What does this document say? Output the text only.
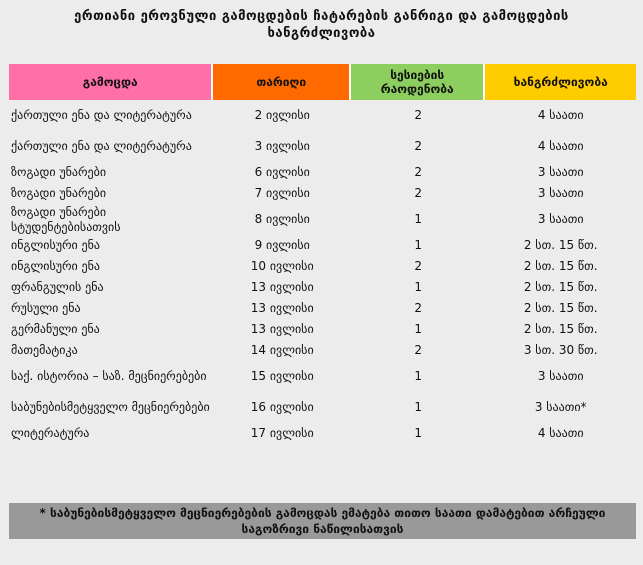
ერთიანი ეროვნული გამოცდების ჩატარების განრიგი და გამოცდების ხანგრძლივობა
გამოცდა	თარიღი	სესიების რაოდენობა	ხანგრძლივობა
ქართული ენა და ლიტერატურა	2 ივლისი	2	4 საათი
ქართული ენა და ლიტერატურა	3 ივლისი	2	4 საათი
ზოგადი უნარები	6 ივლისი	2	3 საათი
ზოგადი უნარები	7 ივლისი	2	3 საათი
ზოგადი უნარები სტუდენტებისათვის	8 ივლისი	1	3 საათი
ინგლისური ენა	9 ივლისი	1	2 სთ. 15 წთ.
ინგლისური ენა	10 ივლისი	2	2 სთ. 15 წთ.
ფრანგულის ენა	13 ივლისი	1	2 სთ. 15 წთ.
რუსული ენა	13 ივლისი	2	2 სთ. 15 წთ.
გერმანული ენა	13 ივლისი	1	2 სთ. 15 წთ.
მათემატიკა	14 ივლისი	2	3 სთ. 30 წთ.
საქ. ისტორია – საზ. მეცნიერებები	15 ივლისი	1	3 საათი
საბუნებისმეტყველო მეცნიერებები	16 ივლისი	1	3 საათი*
ლიტერატურა	17 ივლისი	1	4 საათი
* საბუნებისმეტყველო მეცნიერებების გამოცდას ემატება თითო საათი დამატებით არჩეული საგოზრივი ნაწილისათვის
